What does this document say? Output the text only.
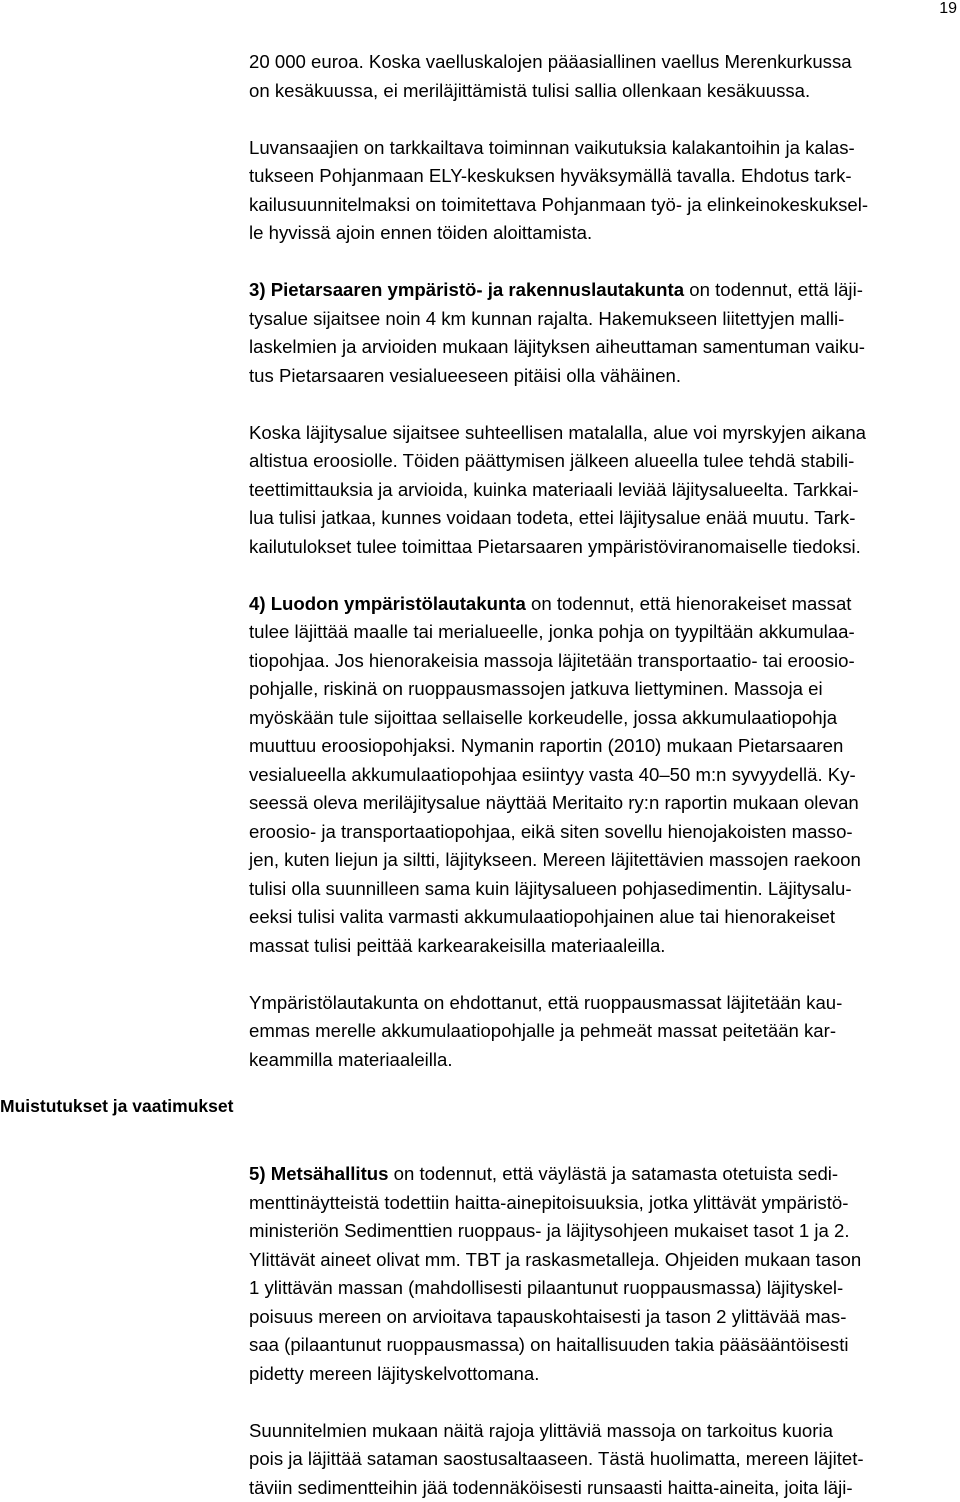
19
Muistutukset ja vaatimukset

20 000 euroa. Koska vaelluskalojen pääasiallinen vaellus Merenkurkussa
on kesäkuussa, ei meriläjittämistä tulisi sallia ollenkaan kesäkuussa.

Luvansaajien on tarkkailtava toiminnan vaikutuksia kalakantoihin ja kalas-
tukseen Pohjanmaan ELY-keskuksen hyväksymällä tavalla. Ehdotus tark-
kailusuunnitelmaksi on toimitettava Pohjanmaan työ- ja elinkeinokeskuksel-
le hyvissä ajoin ennen töiden aloittamista.

3) Pietarsaaren ympäristö- ja rakennuslautakunta on todennut, että läji-
tysalue sijaitsee noin 4 km kunnan rajalta. Hakemukseen liitettyjen malli-
laskelmien ja arvioiden mukaan läjityksen aiheuttaman samentuman vaiku-
tus Pietarsaaren vesialueeseen pitäisi olla vähäinen.

Koska läjitysalue sijaitsee suhteellisen matalalla, alue voi myrskyjen aikana
altistua eroosiolle. Töiden päättymisen jälkeen alueella tulee tehdä stabili-
teettimittauksia ja arvioida, kuinka materiaali leviää läjitysalueelta. Tarkkai-
lua tulisi jatkaa, kunnes voidaan todeta, ettei läjitysalue enää muutu. Tark-
kailutulokset tulee toimittaa Pietarsaaren ympäristöviranomaiselle tiedoksi.

4) Luodon ympäristölautakunta on todennut, että hienorakeiset massat
tulee läjittää maalle tai merialueelle, jonka pohja on tyypiltään akkumulaa-
tiopohjaa. Jos hienorakeisia massoja läjitetään transportaatio- tai eroosio-
pohjalle, riskinä on ruoppausmassojen jatkuva liettyminen. Massoja ei
myöskään tule sijoittaa sellaiselle korkeudelle, jossa akkumulaatiopohja
muuttuu eroosiopohjaksi. Nymanin raportin (2010) mukaan Pietarsaaren
vesialueella akkumulaatiopohjaa esiintyy vasta 40–50 m:n syvyydellä. Ky-
seessä oleva meriläjitysalue näyttää Meritaito ry:n raportin mukaan olevan
eroosio- ja transportaatiopohjaa, eikä siten sovellu hienojakoisten masso-
jen, kuten liejun ja siltti, läjitykseen. Mereen läjitettävien massojen raekoon
tulisi olla suunnilleen sama kuin läjitysalueen pohjasedimentin. Läjitysalu-
eeksi tulisi valita varmasti akkumulaatiopohjainen alue tai hienorakeiset
massat tulisi peittää karkearakeisilla materiaaleilla.

Ympäristölautakunta on ehdottanut, että ruoppausmassat läjitetään kau-
emmas merelle akkumulaatiopohjalle ja pehmeät massat peitetään kar-
keammilla materiaaleilla.

5) Metsähallitus on todennut, että väylästä ja satamasta otetuista sedi-
menttinäytteistä todettiin haitta-ainepitoisuuksia, jotka ylittävät ympäristö-
ministeriön Sedimenttien ruoppaus- ja läjitysohjeen mukaiset tasot 1 ja 2.
Ylittävät aineet olivat mm. TBT ja raskasmetalleja. Ohjeiden mukaan tason
1 ylittävän massan (mahdollisesti pilaantunut ruoppausmassa) läjityskel-
poisuus mereen on arvioitava tapauskohtaisesti ja tason 2 ylittävää mas-
saa (pilaantunut ruoppausmassa) on haitallisuuden takia pääsääntöisesti
pidetty mereen läjityskelvottomana.

Suunnitelmien mukaan näitä rajoja ylittäviä massoja on tarkoitus kuoria
pois ja läjittää sataman saostusaltaaseen. Tästä huolimatta, mereen läjitet-
täviin sedimentteihin jää todennäköisesti runsaasti haitta-aineita, joita läji-
